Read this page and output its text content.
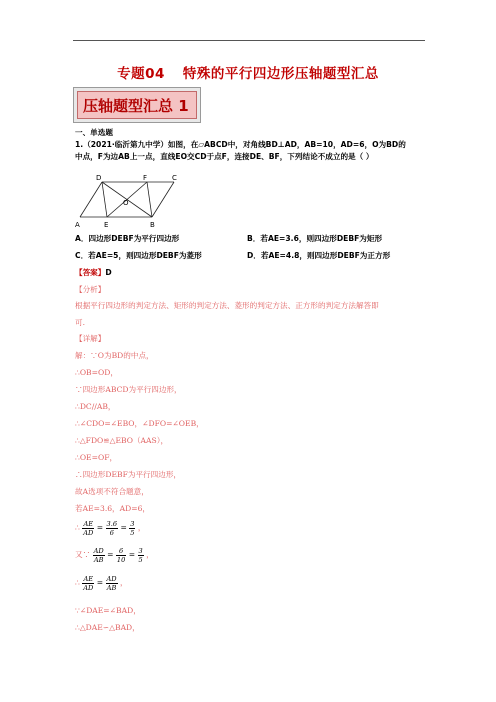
专题04 特殊的平行四边形压轴题型汇总
压轴题型汇总 1
一、单选题
1.（2021·临沂第九中学）如图，在▱ABCD中，对角线BD⊥AD，AB=10，AD=6，O为BD的
中点，F为边AB上一点，直线EO交CD于点F，连接DE、BF，下列结论不成立的是（ ）
D	F	C
O
A	E	B
A．四边形DEBF为平行四边形	B．若AE=3.6，则四边形DEBF为矩形
C．若AE=5，则四边形DEBF为菱形	D．若AE=4.8，则四边形DEBF为正方形
【答案】D
【分析】
根据平行四边形的判定方法、矩形的判定方法、菱形的判定方法、正方形的判定方法解答即
可.
【详解】
解：∵O为BD的中点，
∴OB=OD，
∵四边形ABCD为平行四边形，
∴DC//AB，
∴∠CDO=∠EBO，∠DFO=∠OEB，
∴△FDO≌△EBO（AAS），
∴OE=OF，
∴四边形DEBF为平行四边形，
故A选项不符合题意，
若AE=3.6，AD=6，
∴ $\frac{AE}{AD} = \frac{3.6}{6} = \frac{3}{5}$ ，
又∵ $\frac{AD}{AB} = \frac{6}{10} = \frac{3}{5}$ ，
∴ $\frac{AE}{AD} = \frac{AD}{AB}$ ，
∵∠DAE=∠BAD，
∴△DAE∽△BAD，
